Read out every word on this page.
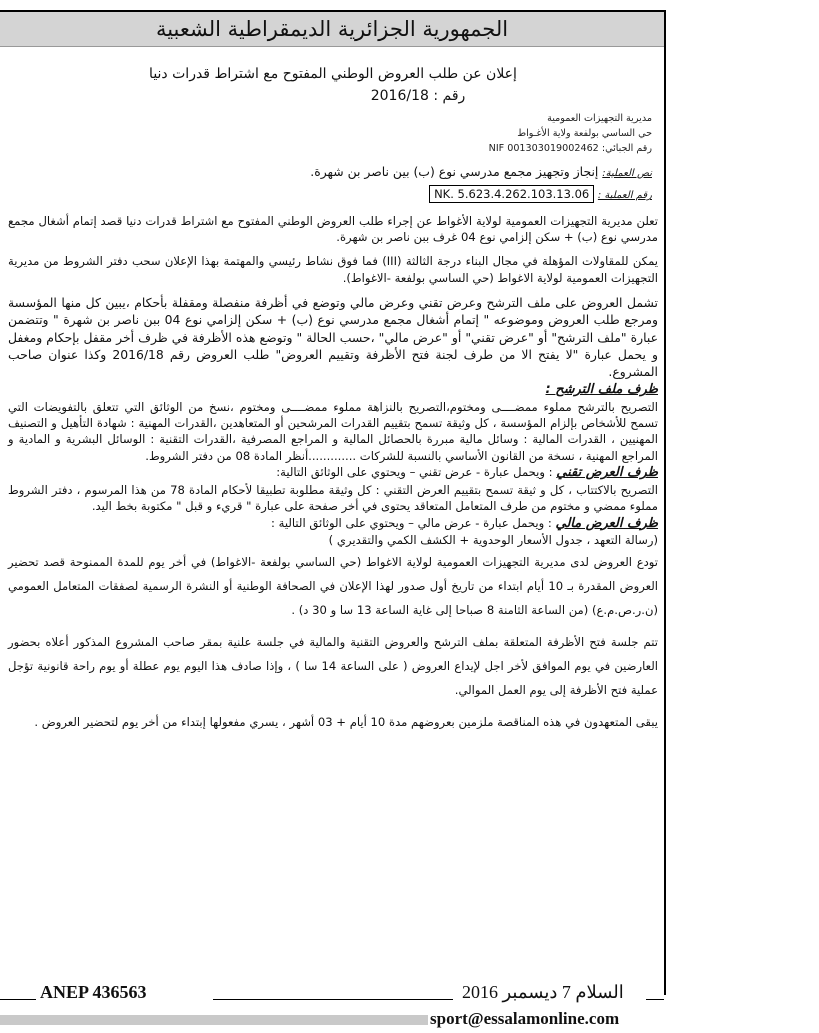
الجمهورية الجزائرية الديمقراطية الشعبية
إعلان عن طلب العروض الوطني المفتوح مع اشتراط قدرات دنيا
رقم : 2016/18
مديرية التجهيزات العمومية
حي الساسي بولفعة ولاية الأغـواط
رقم الجبائي: NIF 001303019002462
نص العملية: إنجاز وتجهيز مجمع مدرسي نوع (ب) بين ناصر بن شهرة.
رقم العملية : NK. 5.623.4.262.103.13.06

تعلن مديرية التجهيزات العمومية لولاية الأغواط عن إجراء طلب العروض الوطني المفتوح مع اشتراط قدرات دنيا قصد إتمام أشغال مجمع مدرسي نوع (ب) + سكن إلزامي نوع 04 غرف ببن ناصر بن شهرة.

يمكن للمقاولات المؤهلة في مجال البناء درجة الثالثة (III) فما فوق نشاط رئيسي والمهتمة بهذا الإعلان سحب دفتر الشروط من مديرية التجهيزات العمومية لولاية الاغواط (حي الساسي بولفعة -الاغواط).

تشمل العروض على ملف الترشح وعرض تقني وعرض مالي وتوضع في أظرفة منفصلة ومقفلة بأحكام ،يبين كل منها المؤسسة ومرجع طلب العروض وموضوعه " إتمام أشغال مجمع مدرسي نوع (ب) + سكن إلزامي نوع 04 ببن ناصر بن شهرة " وتتضمن عبارة "ملف الترشح" أو "عرض تقني" أو "عرض مالي" ،حسب الحالة " وتوضع هذه الأظرفة في ظرف أخر مقفل بإحكام ومغفل و يحمل عبارة "لا يفتح الا من طرف لجنة فتح الأظرفة وتقييم العروض" طلب العروض رقم 2016/18 وكذا عنوان صاحب المشروع.

ظرف ملف الترشح :
التصريح بالترشح مملوء ممضــــى ومختوم،التصريح بالنزاهة مملوء ممضــــى ومختوم ،نسخ من الوثائق التي تتعلق بالتفويضات التي تسمح للأشخاص بإلزام المؤسسة ، كل وثيقة تسمح بتقييم القدرات المرشحين أو المتعاهدين ،القدرات المهنية : شهادة التأهيل و التصنيف المهنيين ، القدرات المالية : وسائل مالية مبررة بالحصائل المالية و المراجع المصرفية ،القدرات التقنية : الوسائل البشرية و المادية و المراجع المهنية ، نسخة من القانون الأساسي بالنسبة للشركات .............أنظر المادة 08 من دفتر الشروط.
ظرف العرض تقني : ويحمل عبارة - عرض تقني – ويحتوي على الوثائق التالية:
التصريح بالاكتتاب ، كل و ثيقة تسمح بتقييم العرض التقني : كل وثيقة مطلوبة تطبيقا لأحكام المادة 78 من هذا المرسوم ، دفتر الشروط مملوء ممضي و مختوم من طرف المتعامل المتعاقد يحتوى في أخر صفحة على عبارة " قريء و قبل " مكتوبة بخط اليد.
ظرف العرض مالي : ويحمل عبارة - عرض مالي – ويحتوي على الوثائق التالية :
(رسالة التعهد ، جدول الأسعار الوحدوية + الكشف الكمي والتقديري )

تودع العروض لدى مديرية التجهيزات العمومية لولاية الاغواط (حي الساسي بولفعة -الاغواط) في أخر يوم للمدة الممنوحة قصد تحضير العروض المقدرة بـ 10 أيام ابتداء من تاريخ أول صدور لهذا الإعلان في الصحافة الوطنية أو النشرة الرسمية لصفقات المتعامل العمومي (ن.ر.ص.م.ع) (من الساعة الثامنة 8 صباحا إلى غاية الساعة 13 سا و 30 د) .

تتم جلسة فتح الأظرفة المتعلقة بملف الترشح والعروض التقنية والمالية في جلسة علنية بمقر صاحب المشروع المذكور أعلاه بحضور العارضين في يوم الموافق لأخر اجل لإيداع العروض ( على الساعة 14 سا ) ، وإذا صادف هذا اليوم يوم عطلة أو يوم راحة قانونية تؤجل عملية فتح الأظرفة إلى يوم العمل الموالي.

يبقى المتعهدون في هذه المناقصة ملزمين بعروضهم مدة 10 أيام + 03 أشهر ، يسري مفعولها إبتداء من أخر يوم لتحضير العروض .

ANEP 436563	السلام 7 ديسمبر 2016
sport@essalamonline.com
